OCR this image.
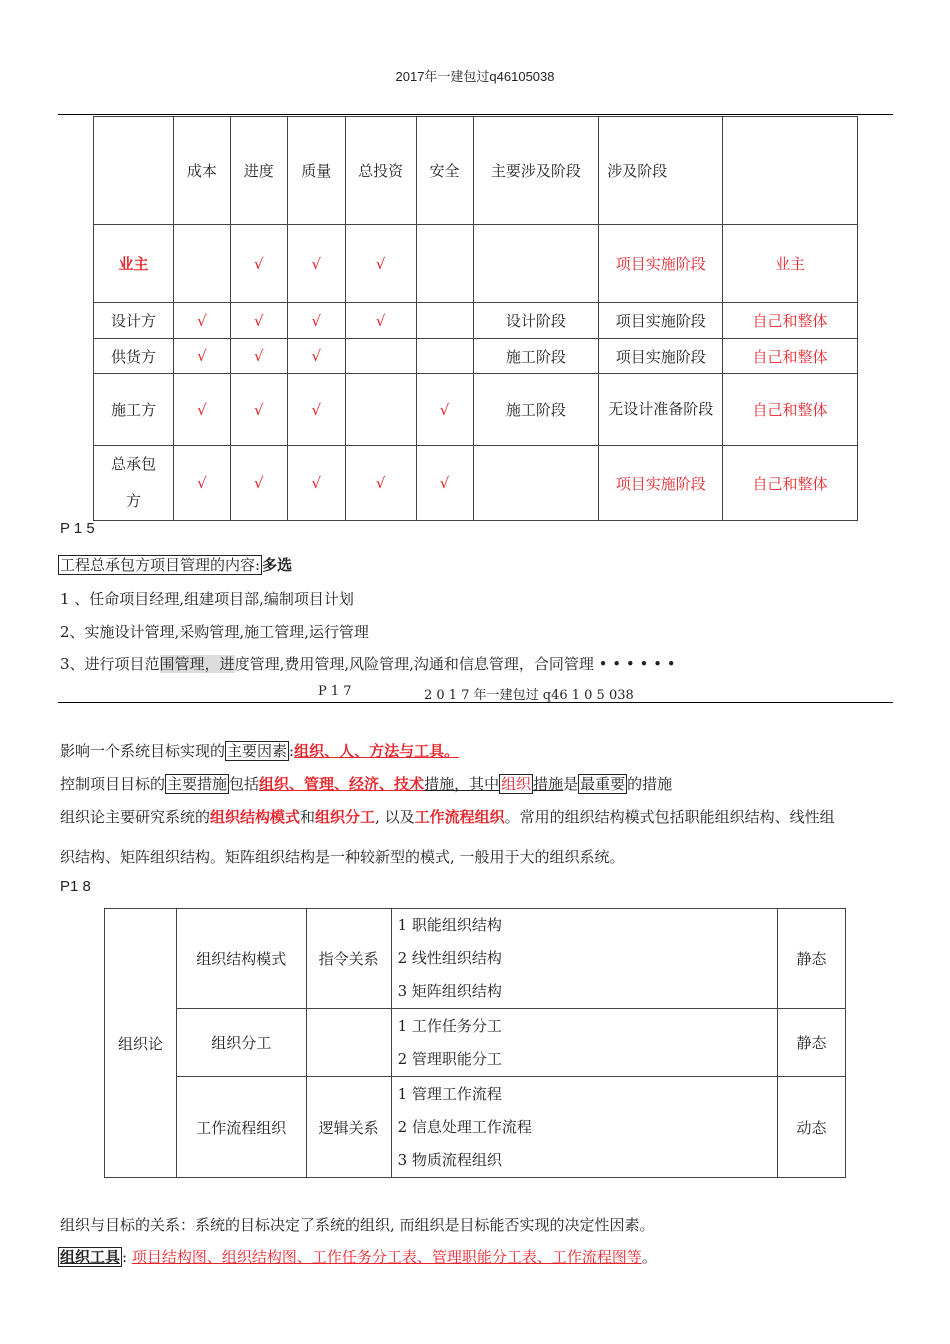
2017年一建包过q46105038
	成本	进度	质量	总投资	安全	主要涉及阶段	涉及阶段	
业主		√	√	√			项目实施阶段	业主
设计方	√	√	√	√		设计阶段	项目实施阶段	自己和整体
供货方	√	√	√			施工阶段	项目实施阶段	自己和整体
施工方	√	√	√		√	施工阶段	无设计准备阶段	自己和整体
总承包方	√	√	√	√	√		项目实施阶段	自己和整体
P 1 5
工程总承包方项目管理的内容: 多选
1 、任命项目经理,组建项目部,编制项目计划
2、实施设计管理,采购管理,施工管理,运行管理
3、进行项目范围管理，进度管理,费用管理,风险管理,沟通和信息管理，合同管理 • • • • • •
P 1 7	2 0 1 7 年一建包过 q46 1 0 5 038
影响一个系统目标实现的 主要因素 :组织、人、方法与工具。
控制项目目标的 主要措施 包括组织、管理、经济、技术措施，其中 组织 措施是 最重要 的措施
组织论主要研究系统的组织结构模式和组织分工, 以及工作流程组织。常用的组织结构模式包括职能组织结构、线性组
织结构、矩阵组织结构。矩阵组织结构是一种较新型的模式, 一般用于大的组织系统。
P1 8
组织论	组织结构模式	指令关系	1 职能组织结构
2 线性组织结构
3 矩阵组织结构	静态
	组织分工		1 工作任务分工
2 管理职能分工	静态
	工作流程组织	逻辑关系	1 管理工作流程
2 信息处理工作流程
3 物质流程组织	动态
组织与目标的关系：系统的目标决定了系统的组织, 而组织是目标能否实现的决定性因素。
组织工具 : 项目结构图、组织结构图、工作任务分工表、管理职能分工表、工作流程图等。
